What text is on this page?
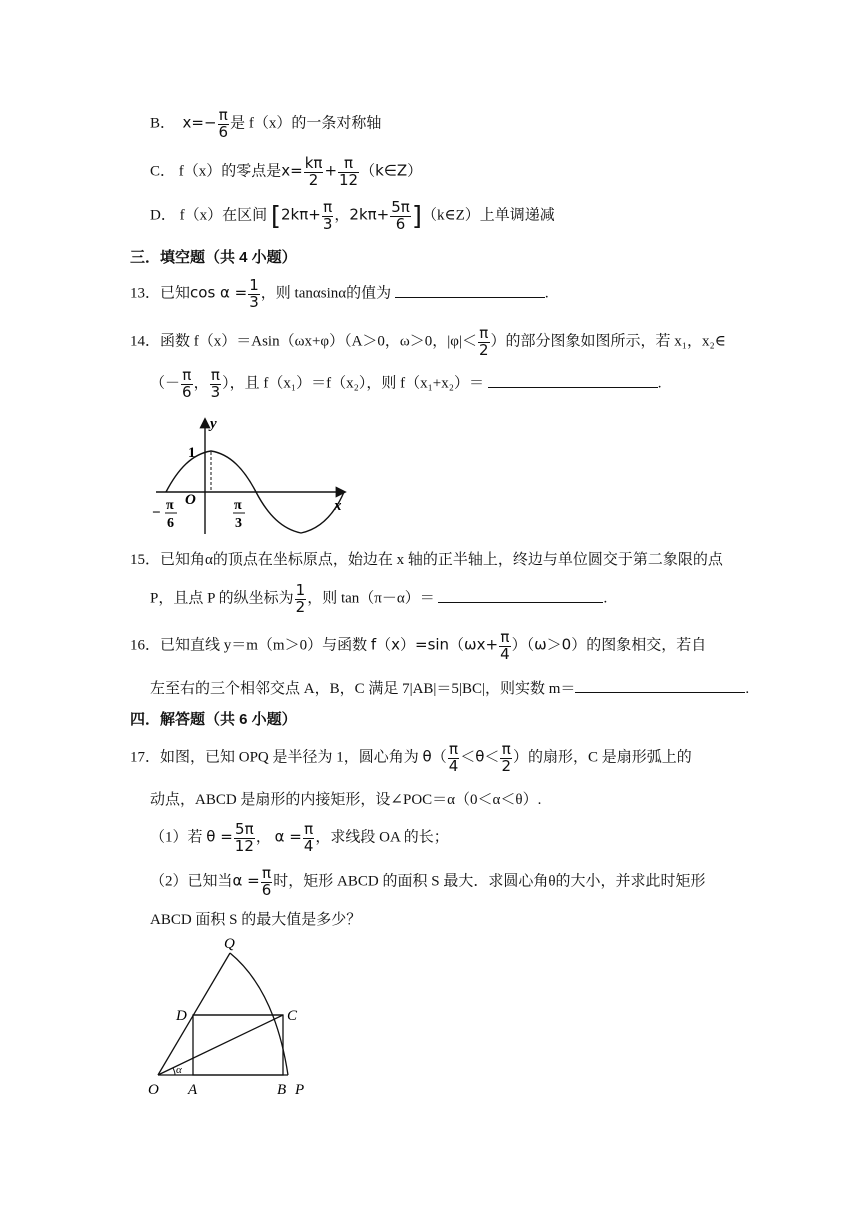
B． $x=- \frac{\pi}{6}$ 是 f（x）的一条对称轴
C． f（x）的零点是$x= \frac{k\pi}{2} + \frac{\pi}{12}$ （k∈Z）
D． f（x）在区间 [$2k\pi+ \frac{\pi}{3}$ ，$2k\pi+ \frac{5\pi}{6}$ ]（k∈Z）上单调递减
三．填空题（共 4 小题）
13．已知$\cos \alpha = \frac{1}{3}$ ，则 tanαsinα的值为	.
14．函数 f（x）＝Asin（ωx+φ）（A＞0，ω＞0，$|\varphi|< \frac{\pi}{2}$ ）的部分图象如图所示，若 x₁，x₂∈
（－ $\frac{\pi}{6}$ ， $\frac{\pi}{3}$ ），且 f（x₁）＝f（x₂），则 f（x₁+x₂）＝	.
y
x
1
O
− π
6
π
3
15．已知角α的顶点在坐标原点，始边在 x 轴的正半轴上，终边与单位圆交于第二象限的点
P，且点 P 的纵坐标为 $\frac{1}{2}$ ，则 tan（π－α）＝	.
16．已知直线 y＝m（m＞0）与函数 $f(x)=\sin(\omega x+ \frac{\pi}{4} )(\omega>0)$的图象相交，若自
左至右的三个相邻交点 A，B，C 满足 7|AB|＝5|BC|，则实数 m＝	.
四．解答题（共 6 小题）
17．如图，已知 OPQ 是半径为 1，圆心角为 $\theta( \frac{\pi}{4} <\theta< \frac{\pi}{2}$ ）的扇形，C 是扇形弧上的
动点，ABCD 是扇形的内接矩形，设∠POC＝α（0＜α＜θ）.
（1）若 $\theta = \frac{5\pi}{12}$ ， $\alpha = \frac{\pi}{4}$ ，求线段 OA 的长；
（2）已知当$\alpha = \frac{\pi}{6}$ 时，矩形 ABCD 的面积 S 最大．求圆心角θ的大小，并求此时矩形
ABCD 面积 S 的最大值是多少？
α
Q
D	C
O A	B P
